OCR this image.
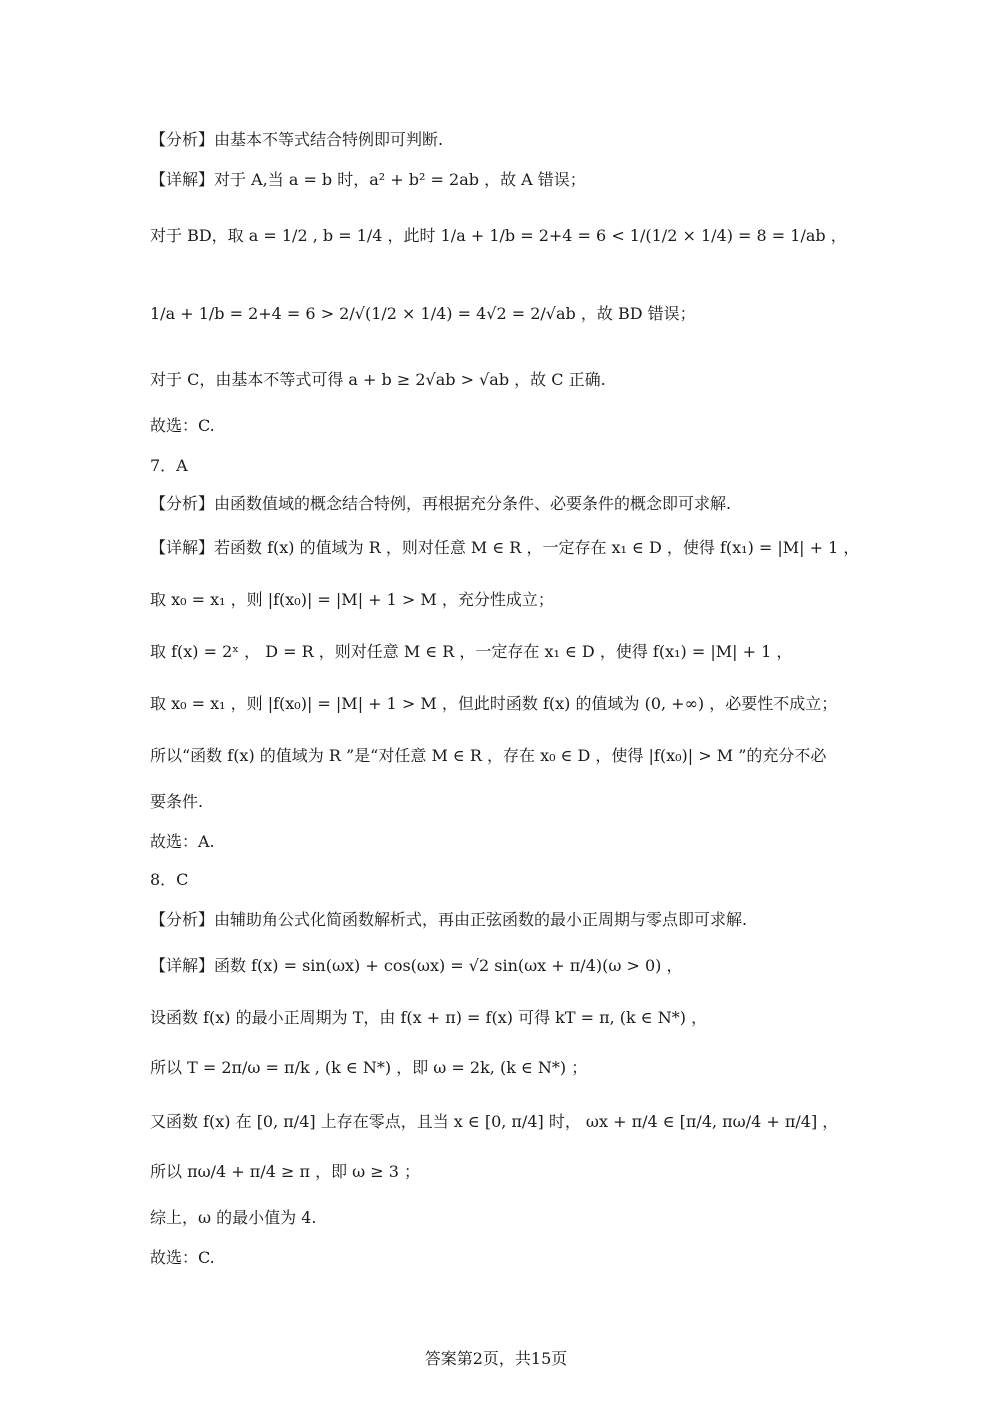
【分析】由基本不等式结合特例即可判断.
【详解】对于 A,当 a = b 时，a² + b² = 2ab ，故 A 错误；
对于 BD，取 a = 1/2 , b = 1/4 ，此时 1/a + 1/b = 2+4 = 6 < 1/(1/2 × 1/4) = 8 = 1/ab ，
1/a + 1/b = 2+4 = 6 > 2/√(1/2 × 1/4) = 4√2 = 2/√ab ，故 BD 错误；
对于 C，由基本不等式可得 a + b ≥ 2√ab > √ab ，故 C 正确.
故选：C.
7．A
【分析】由函数值域的概念结合特例，再根据充分条件、必要条件的概念即可求解.
【详解】若函数 f(x) 的值域为 R ，则对任意 M ∈ R ，一定存在 x₁ ∈ D ，使得 f(x₁) = |M| + 1 ，
取 x₀ = x₁ ，则 |f(x₀)| = |M| + 1 > M ，充分性成立；
取 f(x) = 2ˣ ， D = R ，则对任意 M ∈ R ，一定存在 x₁ ∈ D ，使得 f(x₁) = |M| + 1 ，
取 x₀ = x₁ ，则 |f(x₀)| = |M| + 1 > M ，但此时函数 f(x) 的值域为 (0, +∞) ，必要性不成立；
所以“函数 f(x) 的值域为 R ”是“对任意 M ∈ R ，存在 x₀ ∈ D ，使得 |f(x₀)| > M ”的充分不必
要条件.
故选：A.
8．C
【分析】由辅助角公式化简函数解析式，再由正弦函数的最小正周期与零点即可求解.
【详解】函数 f(x) = sin(ωx) + cos(ωx) = √2 sin(ωx + π/4)(ω > 0) ，
设函数 f(x) 的最小正周期为 T，由 f(x + π) = f(x) 可得 kT = π, (k ∈ N*) ，
所以 T = 2π/ω = π/k , (k ∈ N*) ，即 ω = 2k, (k ∈ N*) ；
又函数 f(x) 在 [0, π/4] 上存在零点，且当 x ∈ [0, π/4] 时， ωx + π/4 ∈ [π/4, πω/4 + π/4] ，
所以 πω/4 + π/4 ≥ π ，即 ω ≥ 3 ；
综上，ω 的最小值为 4.
故选：C.
答案第2页，共15页
